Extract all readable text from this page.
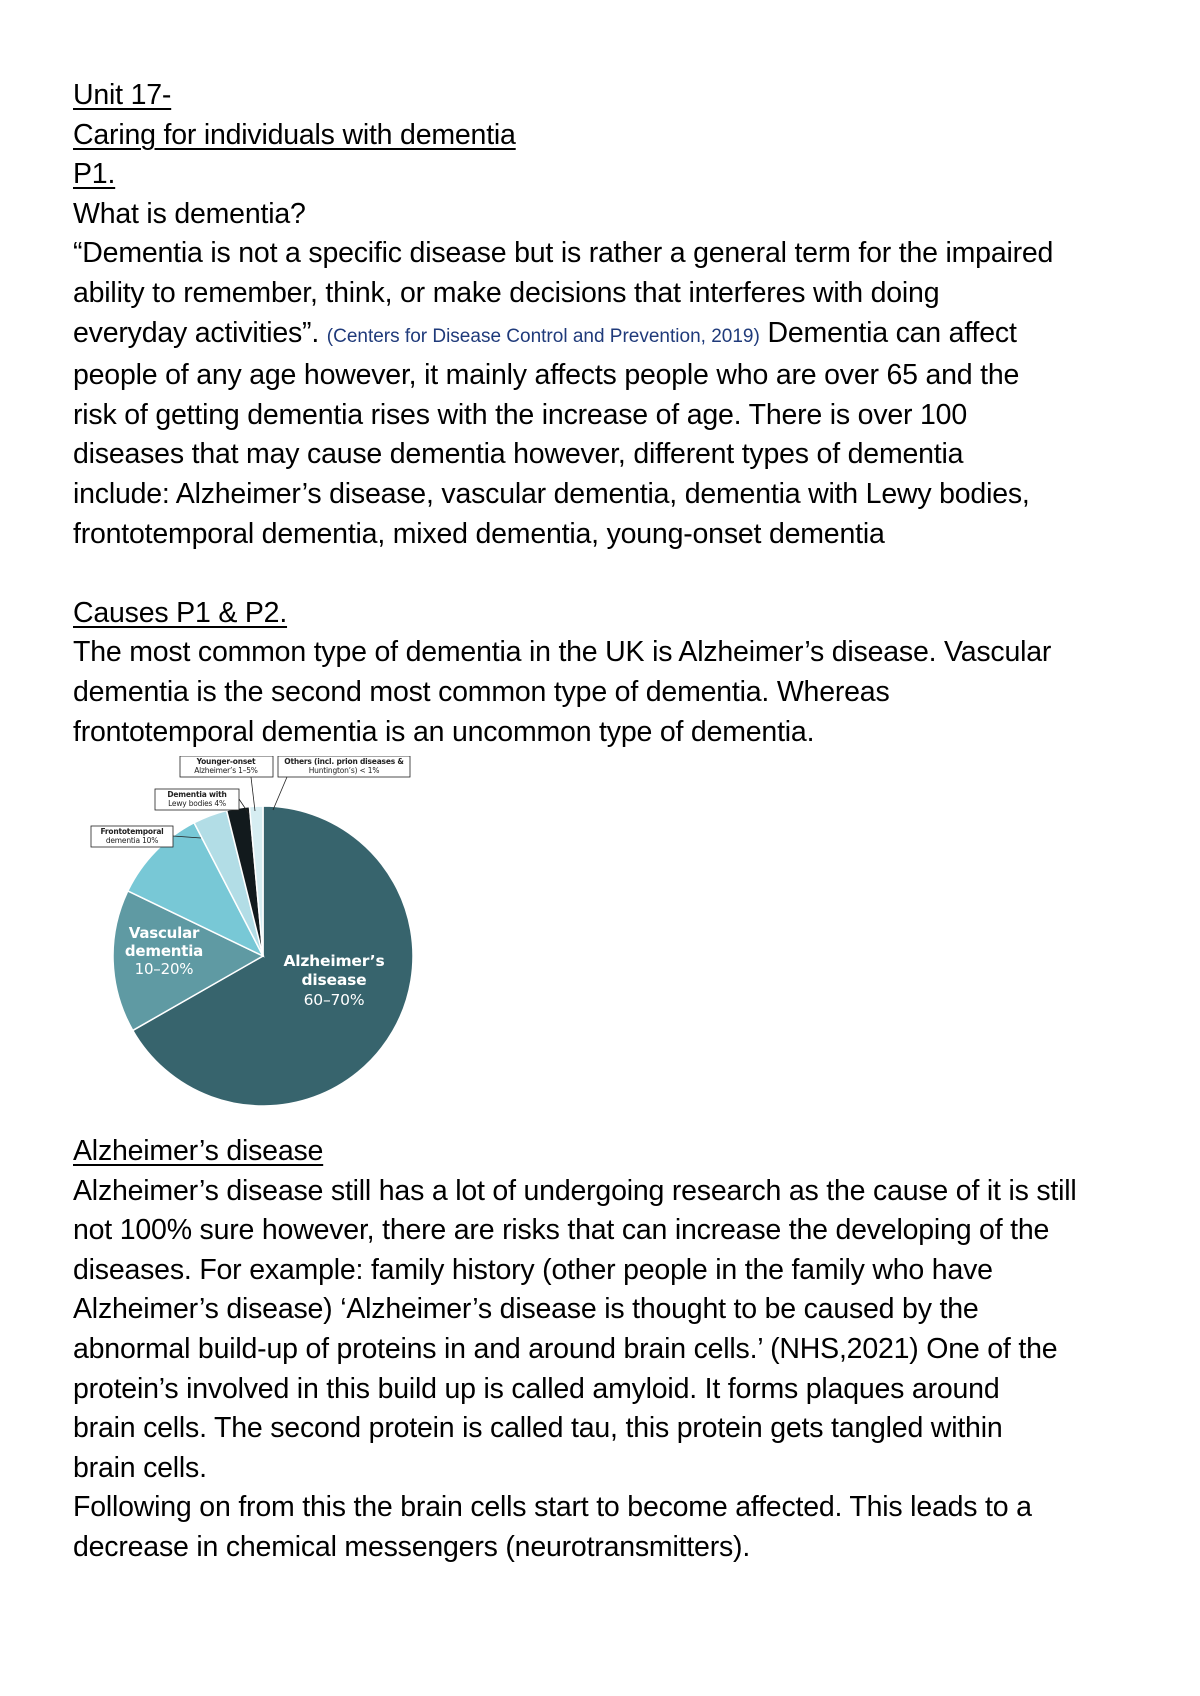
Unit 17-
Caring for individuals with dementia
P1.
What is dementia?
“Dementia is not a specific disease but is rather a general term for the impaired
ability to remember, think, or make decisions that interferes with doing
everyday activities”. (Centers for Disease Control and Prevention, 2019) Dementia can affect
people of any age however, it mainly affects people who are over 65 and the
risk of getting dementia rises with the increase of age. There is over 100
diseases that may cause dementia however, different types of dementia
include: Alzheimer’s disease, vascular dementia, dementia with Lewy bodies,
frontotemporal dementia, mixed dementia, young-onset dementia
Causes P1 & P2.
The most common type of dementia in the UK is Alzheimer’s disease. Vascular
dementia is the second most common type of dementia. Whereas
frontotemporal dementia is an uncommon type of dementia.
Younger-onset
Alzheimer’s 1–5%
Others (incl. prion diseases &
Huntington’s) < 1%
Dementia with
Lewy bodies 4%
Frontotemporal
dementia 10%
Vascular
dementia
10–20%	Alzheimer’s
disease
60–70%
Alzheimer’s disease
Alzheimer’s disease still has a lot of undergoing research as the cause of it is still
not 100% sure however, there are risks that can increase the developing of the
diseases. For example: family history (other people in the family who have
Alzheimer’s disease) ‘Alzheimer’s disease is thought to be caused by the
abnormal build-up of proteins in and around brain cells.’ (NHS,2021) One of the
protein’s involved in this build up is called amyloid. It forms plaques around
brain cells. The second protein is called tau, this protein gets tangled within
brain cells.
Following on from this the brain cells start to become affected. This leads to a
decrease in chemical messengers (neurotransmitters).
